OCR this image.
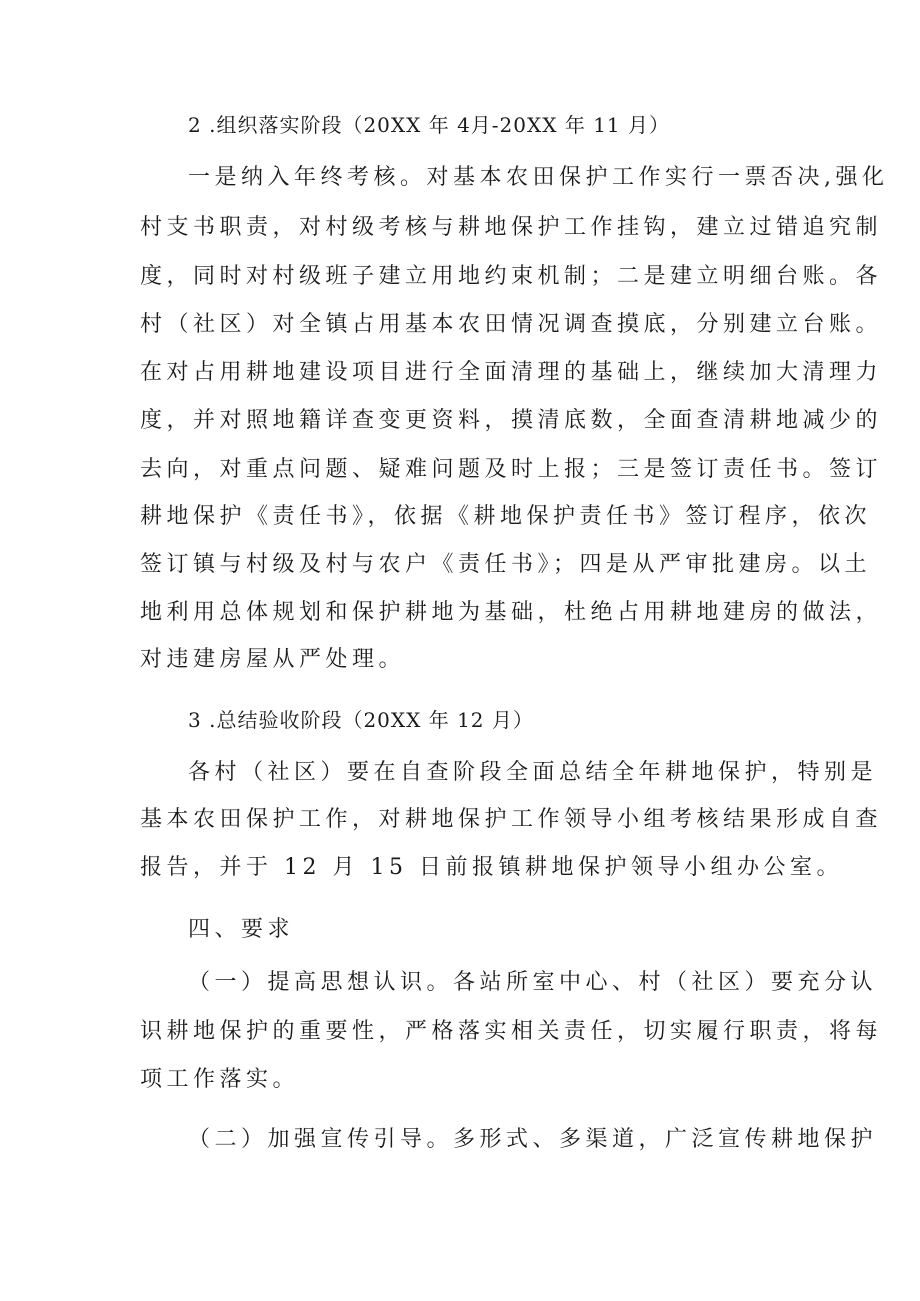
2 .组织落实阶段（20XX 年 4月-20XX 年 11 月）
一是纳入年终考核。对基本农田保护工作实行一票否决,强化
村支书职责，对村级考核与耕地保护工作挂钩，建立过错追究制
度，同时对村级班子建立用地约束机制；二是建立明细台账。各
村（社区）对全镇占用基本农田情况调查摸底，分别建立台账。
在对占用耕地建设项目进行全面清理的基础上，继续加大清理力
度，并对照地籍详查变更资料，摸清底数，全面查清耕地减少的
去向，对重点问题、疑难问题及时上报；三是签订责任书。签订
耕地保护《责任书》，依据《耕地保护责任书》签订程序，依次
签订镇与村级及村与农户《责任书》；四是从严审批建房。以土
地利用总体规划和保护耕地为基础，杜绝占用耕地建房的做法，
对违建房屋从严处理。
3 .总结验收阶段（20XX 年 12 月）
各村（社区）要在自查阶段全面总结全年耕地保护，特别是
基本农田保护工作，对耕地保护工作领导小组考核结果形成自查
报告，并于 12 月 15 日前报镇耕地保护领导小组办公室。
四、要求
（一）提高思想认识。各站所室中心、村（社区）要充分认
识耕地保护的重要性，严格落实相关责任，切实履行职责，将每
项工作落实。
（二）加强宣传引导。多形式、多渠道，广泛宣传耕地保护
